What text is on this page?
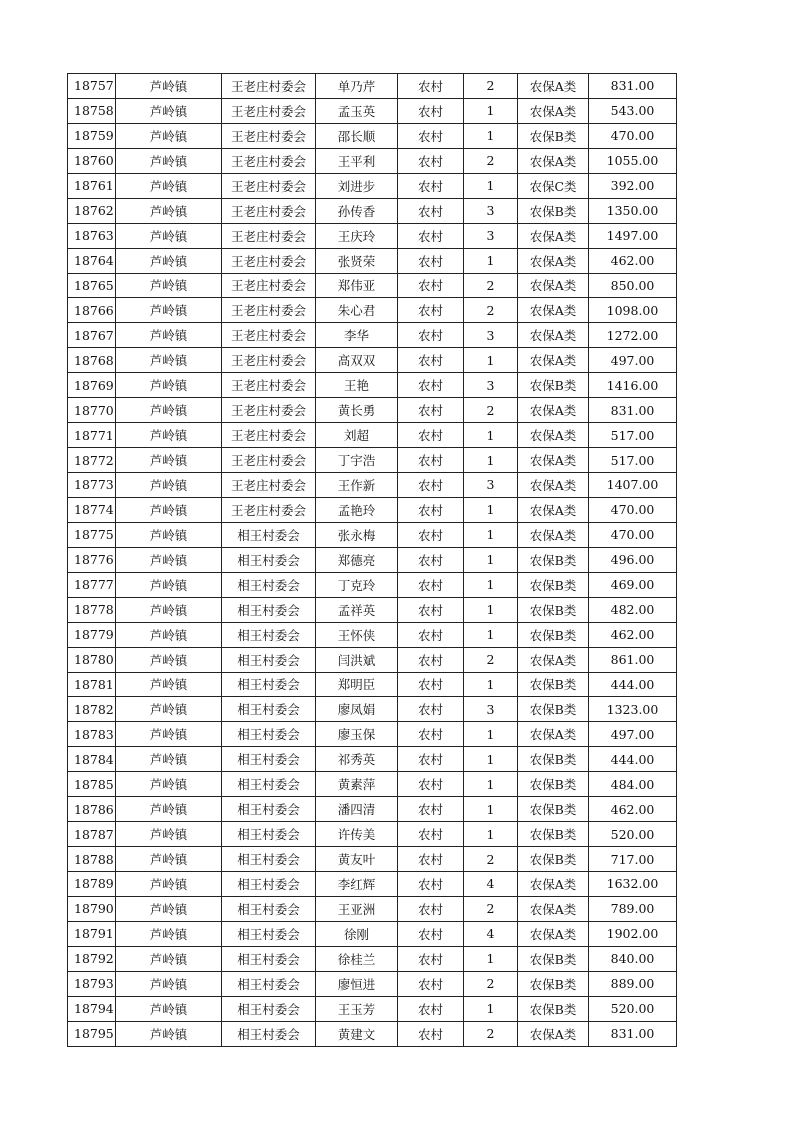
18757	芦岭镇	王老庄村委会	单乃芹	农村	2	农保A类	831.00
18758	芦岭镇	王老庄村委会	孟玉英	农村	1	农保A类	543.00
18759	芦岭镇	王老庄村委会	邵长顺	农村	1	农保B类	470.00
18760	芦岭镇	王老庄村委会	王平利	农村	2	农保A类	1055.00
18761	芦岭镇	王老庄村委会	刘进步	农村	1	农保C类	392.00
18762	芦岭镇	王老庄村委会	孙传香	农村	3	农保B类	1350.00
18763	芦岭镇	王老庄村委会	王庆玲	农村	3	农保A类	1497.00
18764	芦岭镇	王老庄村委会	张贤荣	农村	1	农保A类	462.00
18765	芦岭镇	王老庄村委会	郑伟亚	农村	2	农保A类	850.00
18766	芦岭镇	王老庄村委会	朱心君	农村	2	农保A类	1098.00
18767	芦岭镇	王老庄村委会	李华	农村	3	农保A类	1272.00
18768	芦岭镇	王老庄村委会	高双双	农村	1	农保A类	497.00
18769	芦岭镇	王老庄村委会	王艳	农村	3	农保B类	1416.00
18770	芦岭镇	王老庄村委会	黄长勇	农村	2	农保A类	831.00
18771	芦岭镇	王老庄村委会	刘超	农村	1	农保A类	517.00
18772	芦岭镇	王老庄村委会	丁宇浩	农村	1	农保A类	517.00
18773	芦岭镇	王老庄村委会	王作新	农村	3	农保A类	1407.00
18774	芦岭镇	王老庄村委会	孟艳玲	农村	1	农保A类	470.00
18775	芦岭镇	相王村委会	张永梅	农村	1	农保A类	470.00
18776	芦岭镇	相王村委会	郑德亮	农村	1	农保B类	496.00
18777	芦岭镇	相王村委会	丁克玲	农村	1	农保B类	469.00
18778	芦岭镇	相王村委会	孟祥英	农村	1	农保B类	482.00
18779	芦岭镇	相王村委会	王怀侠	农村	1	农保B类	462.00
18780	芦岭镇	相王村委会	闫洪斌	农村	2	农保A类	861.00
18781	芦岭镇	相王村委会	郑明臣	农村	1	农保B类	444.00
18782	芦岭镇	相王村委会	廖凤娟	农村	3	农保B类	1323.00
18783	芦岭镇	相王村委会	廖玉保	农村	1	农保A类	497.00
18784	芦岭镇	相王村委会	祁秀英	农村	1	农保B类	444.00
18785	芦岭镇	相王村委会	黄素萍	农村	1	农保B类	484.00
18786	芦岭镇	相王村委会	潘四清	农村	1	农保B类	462.00
18787	芦岭镇	相王村委会	许传美	农村	1	农保B类	520.00
18788	芦岭镇	相王村委会	黄友叶	农村	2	农保B类	717.00
18789	芦岭镇	相王村委会	李红辉	农村	4	农保A类	1632.00
18790	芦岭镇	相王村委会	王亚洲	农村	2	农保A类	789.00
18791	芦岭镇	相王村委会	徐刚	农村	4	农保A类	1902.00
18792	芦岭镇	相王村委会	徐桂兰	农村	1	农保B类	840.00
18793	芦岭镇	相王村委会	廖恒进	农村	2	农保B类	889.00
18794	芦岭镇	相王村委会	王玉芳	农村	1	农保B类	520.00
18795	芦岭镇	相王村委会	黄建文	农村	2	农保A类	831.00
